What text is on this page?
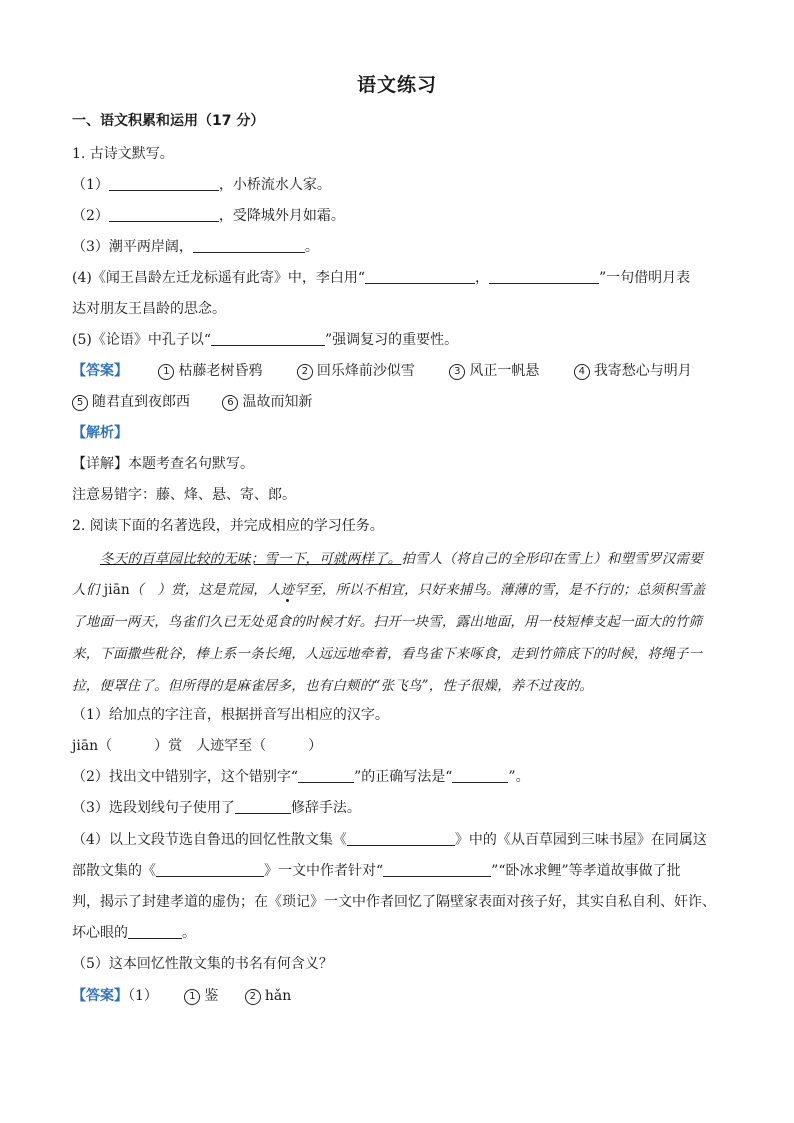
语文练习
一、语文积累和运用（17 分）
1. 古诗文默写。
（1）	，小桥流水人家。
（2）	，受降城外月如霜。
（3）潮平两岸阔，	。
(4)《闻王昌龄左迁龙标遥有此寄》中，李白用“	，	”一句借明月表
达对朋友王昌龄的思念。
(5)《论语》中孔子以“	”强调复习的重要性。
【答案】	1 枯藤老树昏鸦	2 回乐烽前沙似雪	3 风正一帆悬	4 我寄愁心与明月
5 随君直到夜郎西	6 温故而知新
【解析】
【详解】本题考查名句默写。
注意易错字：藤、烽、悬、寄、郎。
2. 阅读下面的名著选段，并完成相应的学习任务。
冬天的百草园比较的无味；雪一下，可就两样了。拍雪人（将自己的全形印在雪上）和塑雪罗汉需要
人们 jiān（　）赏，这是荒园，人迹罕至，所以不相宜，只好来捕鸟。薄薄的雪，是不行的；总须积雪盖
了地面一两天，鸟雀们久已无处觅食的时候才好。扫开一块雪，露出地面，用一枝短棒支起一面大的竹筛
来，下面撒些秕谷，棒上系一条长绳，人远远地牵着，看鸟雀下来啄食，走到竹筛底下的时候，将绳子一
拉，便罩住了。但所得的是麻雀居多，也有白颊的“张飞鸟”，性子很燥，养不过夜的。
（1）给加点的字注音，根据拼音写出相应的汉字。
jiān（　　　）赏　人迹罕至（　　　）
（2）找出文中错别字，这个错别字“	”的正确写法是“	”。
（3）选段划线句子使用了	修辞手法。
（4）以上文段节选自鲁迅的回忆性散文集《	》中的《从百草园到三味书屋》在同属这
部散文集的《	》一文中作者针对“	”“卧冰求鲤”等孝道故事做了批
判，揭示了封建孝道的虚伪；在《琐记》一文中作者回忆了隔壁家表面对孩子好，其实自私自利、奸诈、
坏心眼的	。
（5）这本回忆性散文集的书名有何含义？
【答案】（1）	1 鉴	2 hǎn
